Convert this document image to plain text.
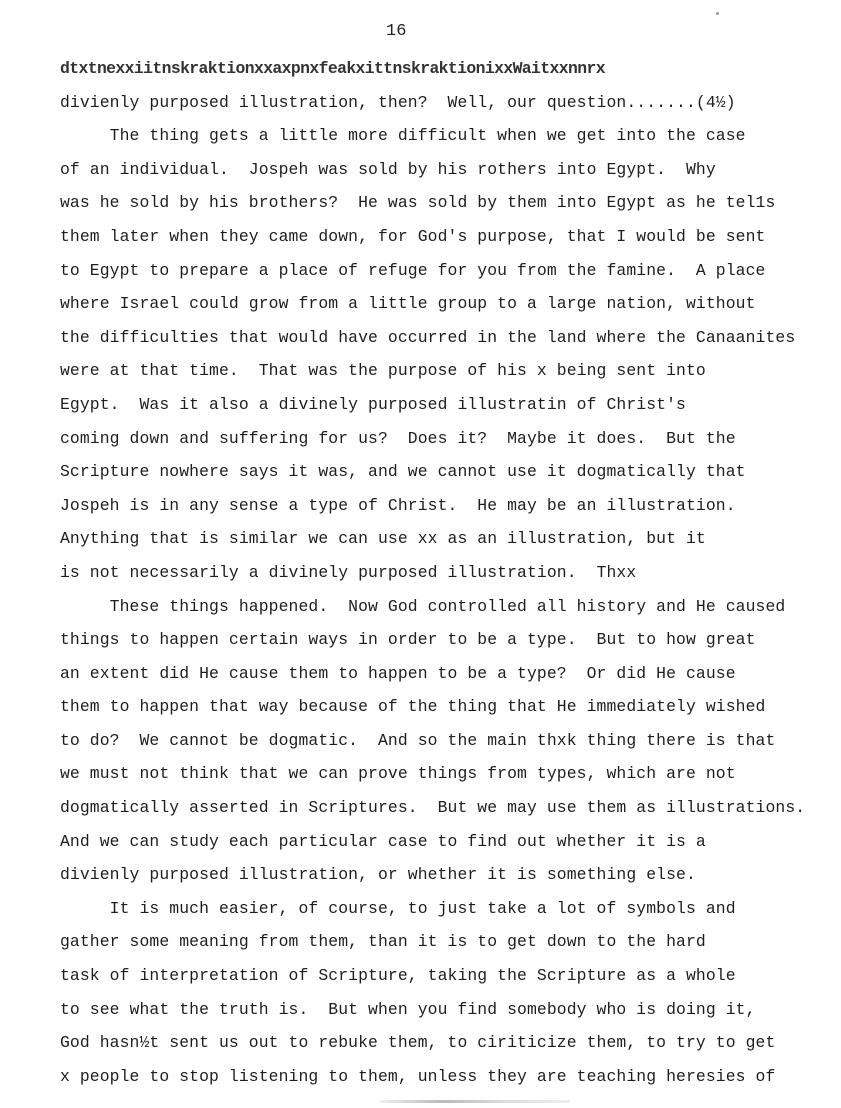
16
dtxtnexxiitnskraktionxxaxpnxfeakxittnskraktionixxWaitxxnnrx
divienly purposed illustration, then?  Well, our question.......(4½)
The thing gets a little more difficult when we get into the case
of an individual.  Jospeh was sold by his rothers into Egypt.  Why
was he sold by his brothers?  He was sold by them into Egypt as he tel1s
them later when they came down, for God's purpose, that I would be sent
to Egypt to prepare a place of refuge for you from the famine.  A place
where Israel could grow from a little group to a large nation, without
the difficulties that would have occurred in the land where the Canaanites
were at that time.  That was the purpose of his x being sent into
Egypt.  Was it also a divinely purposed illustratin of Christ's
coming down and suffering for us?  Does it?  Maybe it does.  But the
Scripture nowhere says it was, and we cannot use it dogmatically that
Jospeh is in any sense a type of Christ.  He may be an illustration.
Anything that is similar we can use xx as an illustration, but it
is not necessarily a divinely purposed illustration.  Thxx
These things happened.  Now God controlled all history and He caused
things to happen certain ways in order to be a type.  But to how great
an extent did He cause them to happen to be a type?  Or did He cause
them to happen that way because of the thing that He immediately wished
to do?  We cannot be dogmatic.  And so the main thxk thing there is that
we must not think that we can prove things from types, which are not
dogmatically asserted in Scriptures.  But we may use them as illustrations.
And we can study each particular case to find out whether it is a
divienly purposed illustration, or whether it is something else.
It is much easier, of course, to just take a lot of symbols and
gather some meaning from them, than it is to get down to the hard
task of interpretation of Scripture, taking the Scripture as a whole
to see what the truth is.  But when you find somebody who is doing it,
God hasn½t sent us out to rebuke them, to ciriticize them, to try to get
x people to stop listening to them, unless they are teaching heresies of
